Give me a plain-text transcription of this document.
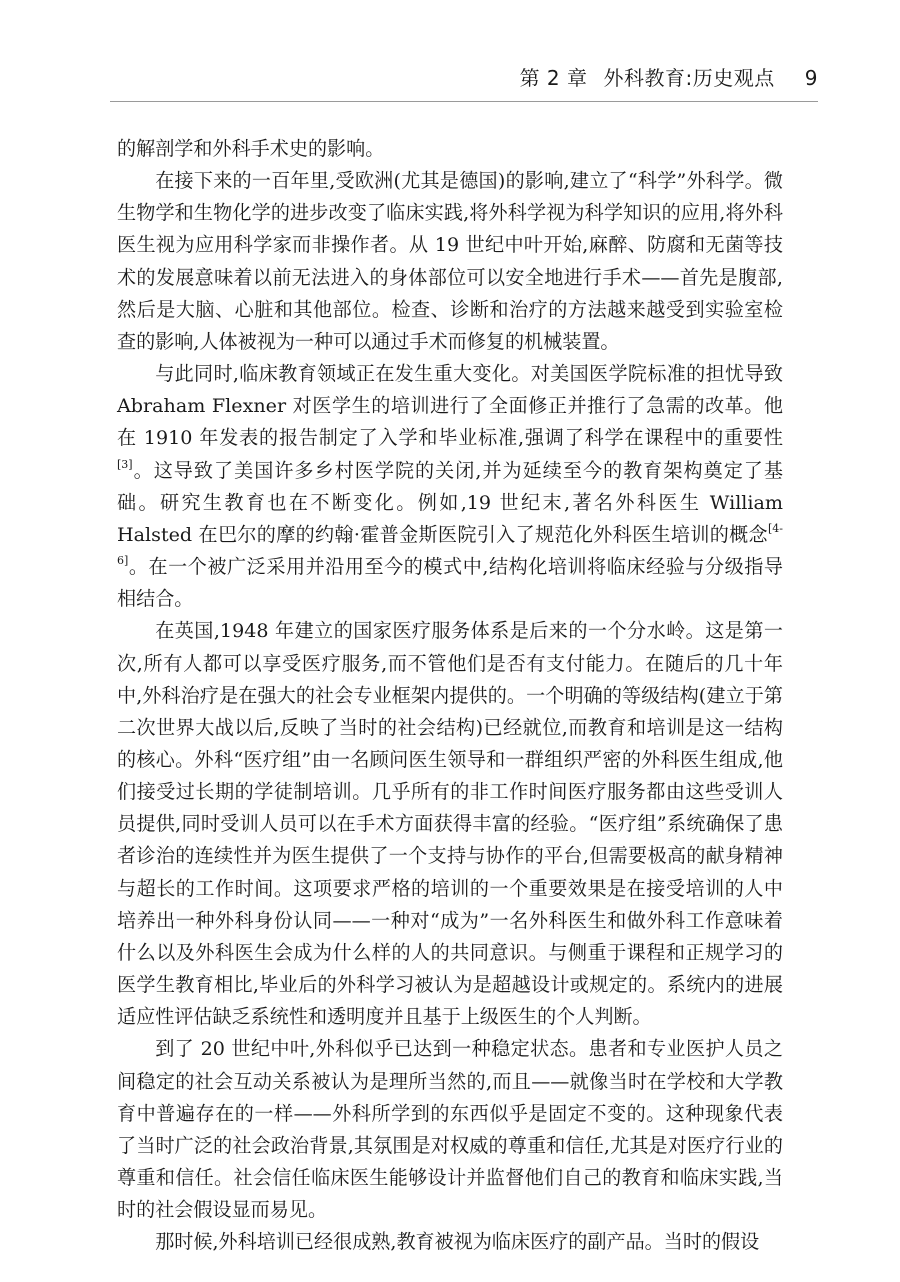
第 2 章 外科教育:历史观点 9

的解剖学和外科手术史的影响。

在接下来的一百年里,受欧洲(尤其是德国)的影响,建立了“科学”外科学。微生物学和生物化学的进步改变了临床实践,将外科学视为科学知识的应用,将外科医生视为应用科学家而非操作者。从 19 世纪中叶开始,麻醉、防腐和无菌等技术的发展意味着以前无法进入的身体部位可以安全地进行手术——首先是腹部,然后是大脑、心脏和其他部位。检查、诊断和治疗的方法越来越受到实验室检查的影响,人体被视为一种可以通过手术而修复的机械装置。

与此同时,临床教育领域正在发生重大变化。对美国医学院标准的担忧导致 Abraham Flexner 对医学生的培训进行了全面修正并推行了急需的改革。他在 1910 年发表的报告制定了入学和毕业标准,强调了科学在课程中的重要性[3]。这导致了美国许多乡村医学院的关闭,并为延续至今的教育架构奠定了基础。研究生教育也在不断变化。例如,19 世纪末,著名外科医生 William Halsted 在巴尔的摩的约翰·霍普金斯医院引入了规范化外科医生培训的概念[4-6]。在一个被广泛采用并沿用至今的模式中,结构化培训将临床经验与分级指导相结合。

在英国,1948 年建立的国家医疗服务体系是后来的一个分水岭。这是第一次,所有人都可以享受医疗服务,而不管他们是否有支付能力。在随后的几十年中,外科治疗是在强大的社会专业框架内提供的。一个明确的等级结构(建立于第二次世界大战以后,反映了当时的社会结构)已经就位,而教育和培训是这一结构的核心。外科“医疗组”由一名顾问医生领导和一群组织严密的外科医生组成,他们接受过长期的学徒制培训。几乎所有的非工作时间医疗服务都由这些受训人员提供,同时受训人员可以在手术方面获得丰富的经验。“医疗组”系统确保了患者诊治的连续性并为医生提供了一个支持与协作的平台,但需要极高的献身精神与超长的工作时间。这项要求严格的培训的一个重要效果是在接受培训的人中培养出一种外科身份认同——一种对“成为”一名外科医生和做外科工作意味着什么以及外科医生会成为什么样的人的共同意识。与侧重于课程和正规学习的医学生教育相比,毕业后的外科学习被认为是超越设计或规定的。系统内的进展适应性评估缺乏系统性和透明度并且基于上级医生的个人判断。

到了 20 世纪中叶,外科似乎已达到一种稳定状态。患者和专业医护人员之间稳定的社会互动关系被认为是理所当然的,而且——就像当时在学校和大学教育中普遍存在的一样——外科所学到的东西似乎是固定不变的。这种现象代表了当时广泛的社会政治背景,其氛围是对权威的尊重和信任,尤其是对医疗行业的尊重和信任。社会信任临床医生能够设计并监督他们自己的教育和临床实践,当时的社会假设显而易见。

那时候,外科培训已经很成熟,教育被视为临床医疗的副产品。当时的假设
